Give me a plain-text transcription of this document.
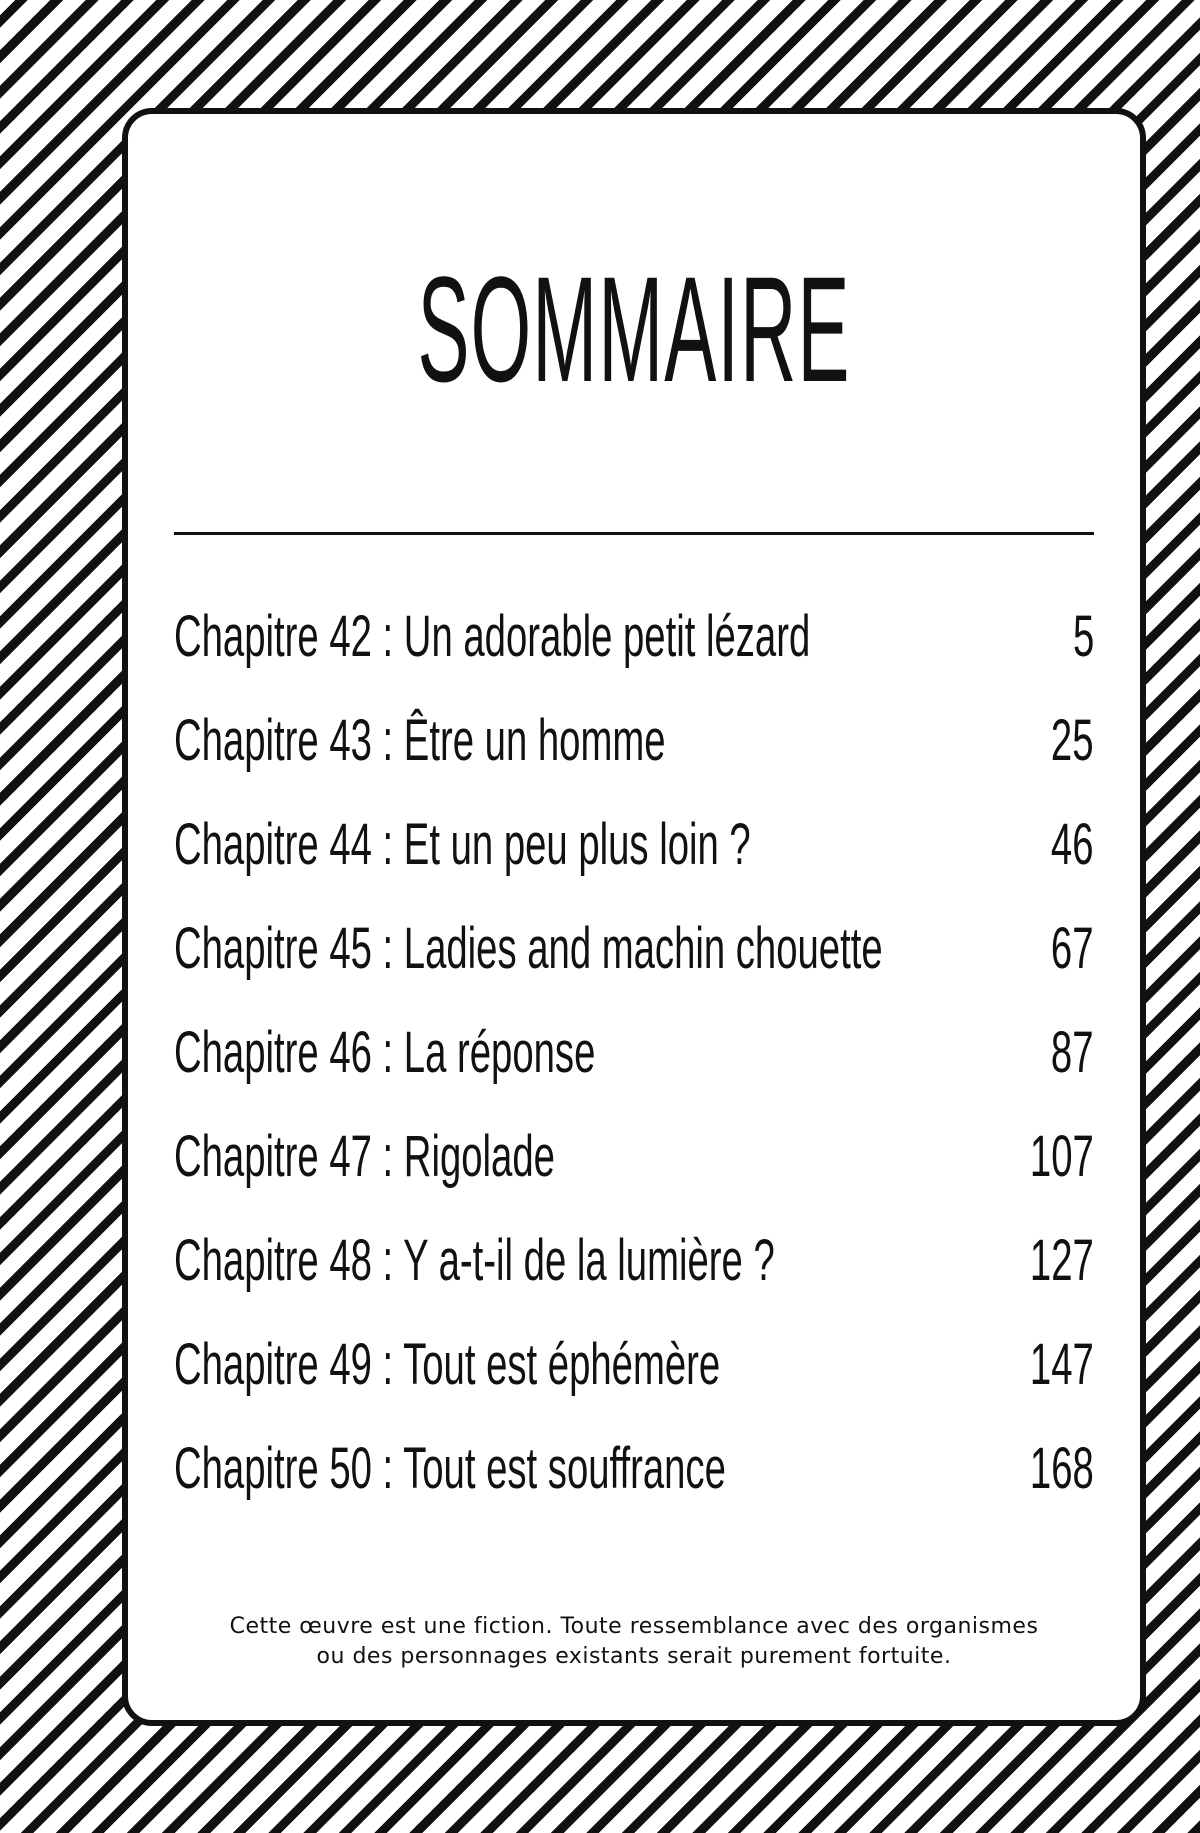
SOMMAIRE
Chapitre 42 : Un adorable petit lézard	5
Chapitre 43 : Être un homme	25
Chapitre 44 : Et un peu plus loin ?	46
Chapitre 45 : Ladies and machin chouette	67
Chapitre 46 : La réponse	87
Chapitre 47 : Rigolade	107
Chapitre 48 : Y a-t-il de la lumière ?	127
Chapitre 49 : Tout est éphémère	147
Chapitre 50 : Tout est souffrance	168
Cette œuvre est une fiction. Toute ressemblance avec des organismes
ou des personnages existants serait purement fortuite.
